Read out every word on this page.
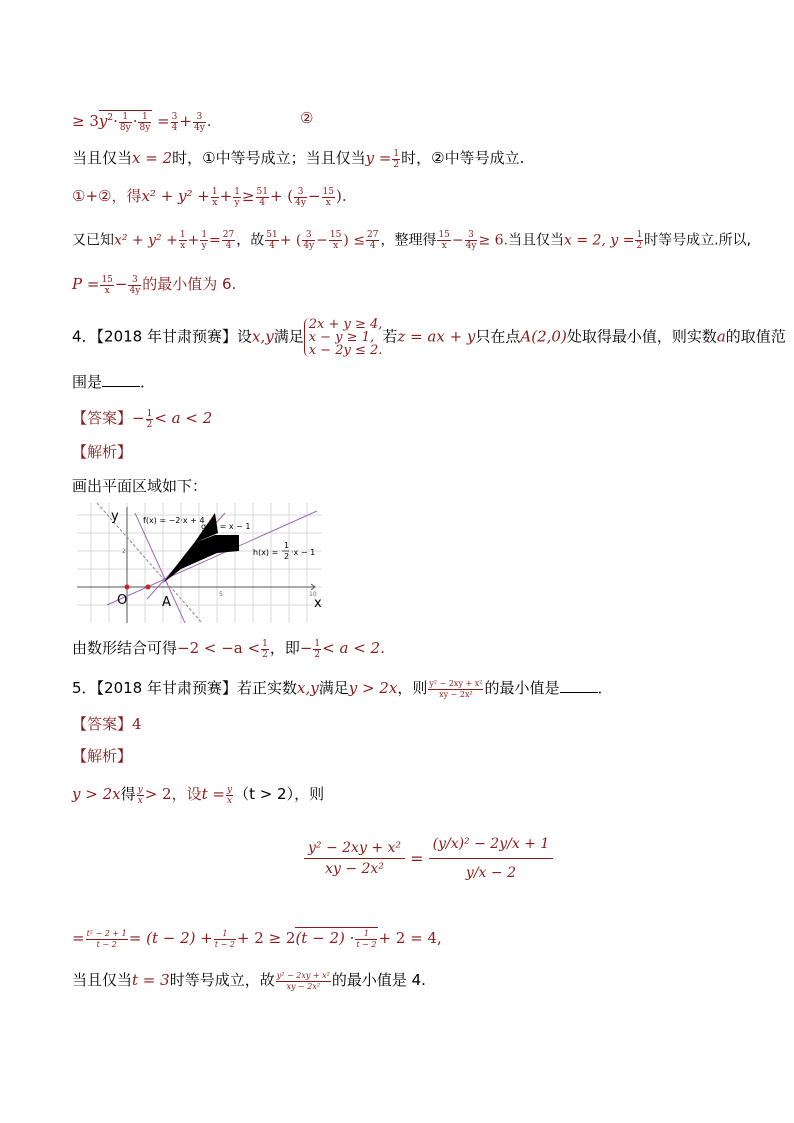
≥ $3y^2\cdot \frac{1}{8y} \cdot \frac{1}{8y} = \frac{3}{4} + \frac{3}{4y}$ .	②
当且仅当x = 2时，①中等号成立；当且仅当$y = \frac{1}{2}$ 时，②中等号成立.
①+②，得$x^2 + y^2 + \frac{1}{x} + \frac{1}{y} \ge \frac{51}{4}$ + ( $\frac{3}{4y} - \frac{15}{x}$ ).
又已知$x^2 + y^2 + \frac{1}{x} + \frac{1}{y} = \frac{27}{4}$ ，故 $\frac{51}{4}$ + ( $\frac{3}{4y} - \frac{15}{x}$ ) ≤ $\frac{27}{4}$ ，整理得 $\frac{15}{x} - \frac{3}{4y} \ge 6$.当且仅当x = 2, $y = \frac{1}{2}$ 时等号成立.所以,
$P = \frac{15}{x} - \frac{3}{4y}$ 的最小值为 6.
4．【2018 年甘肃预赛】设x,y满足
2x + y ≥ 4,
x − y ≥ 1,
x − 2y ≤ 2.
若z = ax + y只在点A(2,0)处取得最小值，则实数a的取值范
围是	．
【答案】− $\frac{1}{2} < a < 2$
【解析】
画出平面区域如下：
y
x
O	A
2
5	10
f(x) = −2·x + 4
g(x) = x − 1
h(x) =
1
2 ·x − 1
由数形结合可得$-2 < -a < \frac{1}{2}$ ，即− $\frac{1}{2} < a < 2$.
5．【2018 年甘肃预赛】若正实数x,y满足y > 2x，则 $\frac{\text{y² − 2xy + x²}}{\text{xy − 2x²}}$ 的最小值是	．
【答案】4
【解析】
y > 2x得 $\frac{y}{x} > 2$，设$t = \frac{y}{x} (t > 2)$，则
$\frac{\text{y² − 2xy + x²}}{\text{xy − 2x²}} = \frac{\text{(y/x)² − 2y/x + 1}}{y/x - 2}$
= $\frac{\text{t² − 2 + 1}}{t - 2} = (t - 2) + \frac{1}{t - 2} + 2 \ge 2(t - 2) \cdot \frac{1}{t - 2} + 2 = 4$,
当且仅当t = 3时等号成立，故 $\frac{\text{y² − 2xy + x²}}{\text{xy − 2x²}}$ 的最小值是 4.
